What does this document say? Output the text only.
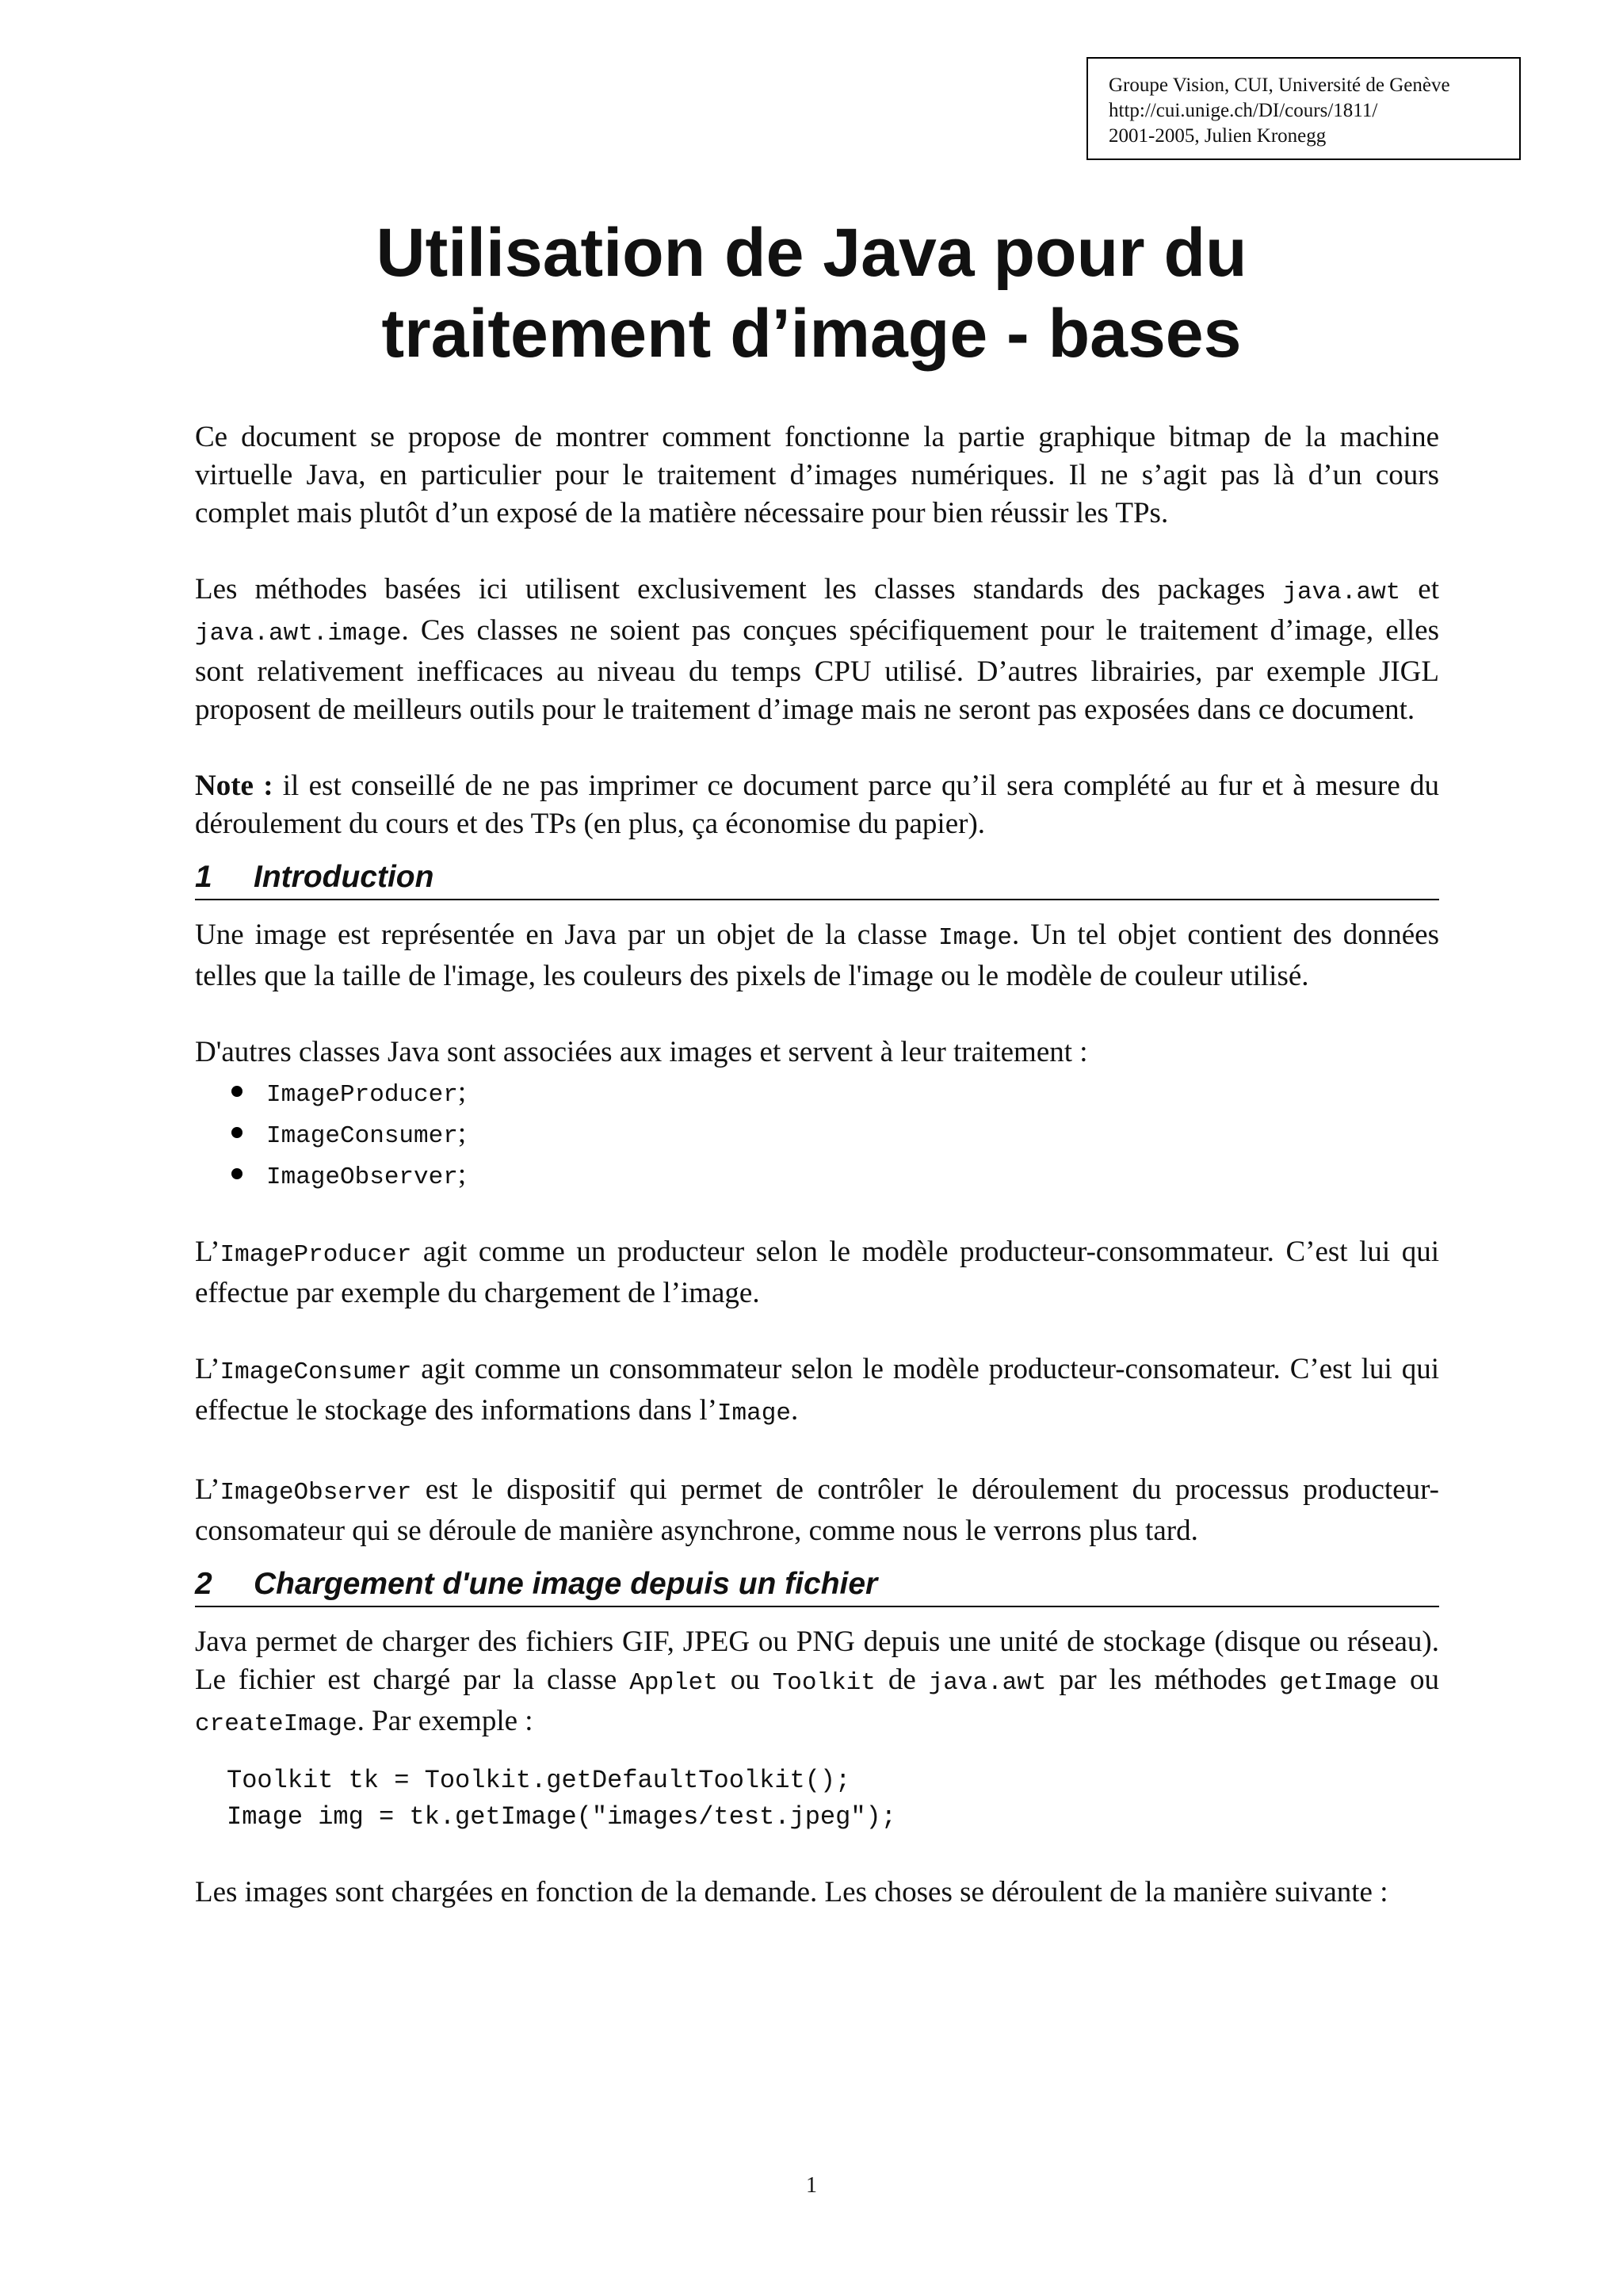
Groupe Vision, CUI, Université de Genève
http://cui.unige.ch/DI/cours/1811/
2001-2005, Julien Kronegg
Utilisation de Java pour du
traitement d’image - bases

Ce document se propose de montrer comment fonctionne la partie graphique bitmap de la machine virtuelle Java, en particulier pour le traitement d’images numériques. Il ne s’agit pas là d’un cours complet mais plutôt d’un exposé de la matière nécessaire pour bien réussir les TPs.

Les méthodes basées ici utilisent exclusivement les classes standards des packages java.awt et java.awt.image. Ces classes ne soient pas conçues spécifiquement pour le traitement d’image, elles sont relativement inefficaces au niveau du temps CPU utilisé. D’autres librairies, par exemple JIGL proposent de meilleurs outils pour le traitement d’image mais ne seront pas exposées dans ce document.

Note : il est conseillé de ne pas imprimer ce document parce qu’il sera complété au fur et à mesure du déroulement du cours et des TPs (en plus, ça économise du papier).

1 Introduction

Une image est représentée en Java par un objet de la classe Image. Un tel objet contient des données telles que la taille de l'image, les couleurs des pixels de l'image ou le modèle de couleur utilisé.

D'autres classes Java sont associées aux images et servent à leur traitement :

ImageProducer;
ImageConsumer;
ImageObserver;

L’ImageProducer agit comme un producteur selon le modèle producteur-consommateur. C’est lui qui effectue par exemple du chargement de l’image.

L’ImageConsumer agit comme un consommateur selon le modèle producteur-consomateur. C’est lui qui effectue le stockage des informations dans l’Image.

L’ImageObserver est le dispositif qui permet de contrôler le déroulement du processus producteur-consomateur qui se déroule de manière asynchrone, comme nous le verrons plus tard.

2 Chargement d'une image depuis un fichier

Java permet de charger des fichiers GIF, JPEG ou PNG depuis une unité de stockage (disque ou réseau). Le fichier est chargé par la classe Applet ou Toolkit de java.awt par les méthodes getImage ou createImage. Par exemple :

Toolkit tk = Toolkit.getDefaultToolkit();
Image img = tk.getImage("images/test.jpeg");

Les images sont chargées en fonction de la demande. Les choses se déroulent de la manière suivante :

1
